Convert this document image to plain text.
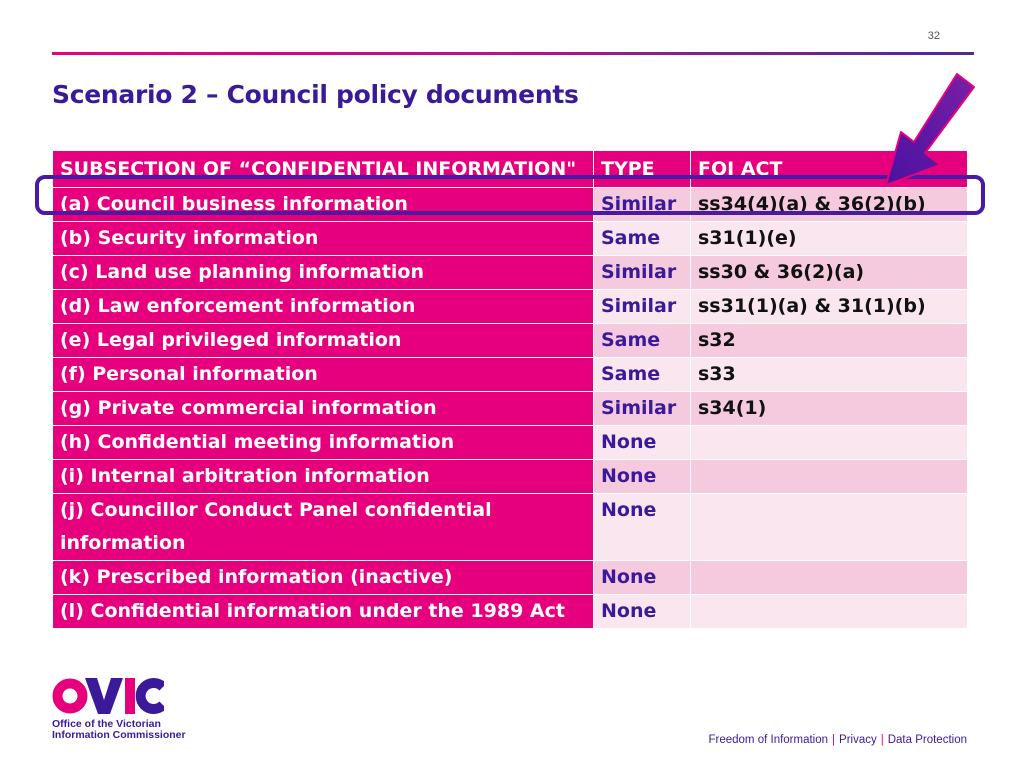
32
Scenario 2 – Council policy documents
SUBSECTION OF “CONFIDENTIAL INFORMATION"	TYPE	FOI ACT
(a) Council business information	Similar	ss34(4)(a) & 36(2)(b)
(b) Security information	Same	s31(1)(e)
(c) Land use planning information	Similar	ss30 & 36(2)(a)
(d) Law enforcement information	Similar	ss31(1)(a) & 31(1)(b)
(e) Legal privileged information	Same	s32
(f) Personal information	Same	s33
(g) Private commercial information	Similar	s34(1)
(h) Confidential meeting information	None	
(i) Internal arbitration information	None	
(j) Councillor Conduct Panel confidential information	None	
(k) Prescribed information (inactive)	None	
(l) Confidential information under the 1989 Act	None	
Office of the Victorian
Information Commissioner	Freedom of Information | Privacy | Data Protection
